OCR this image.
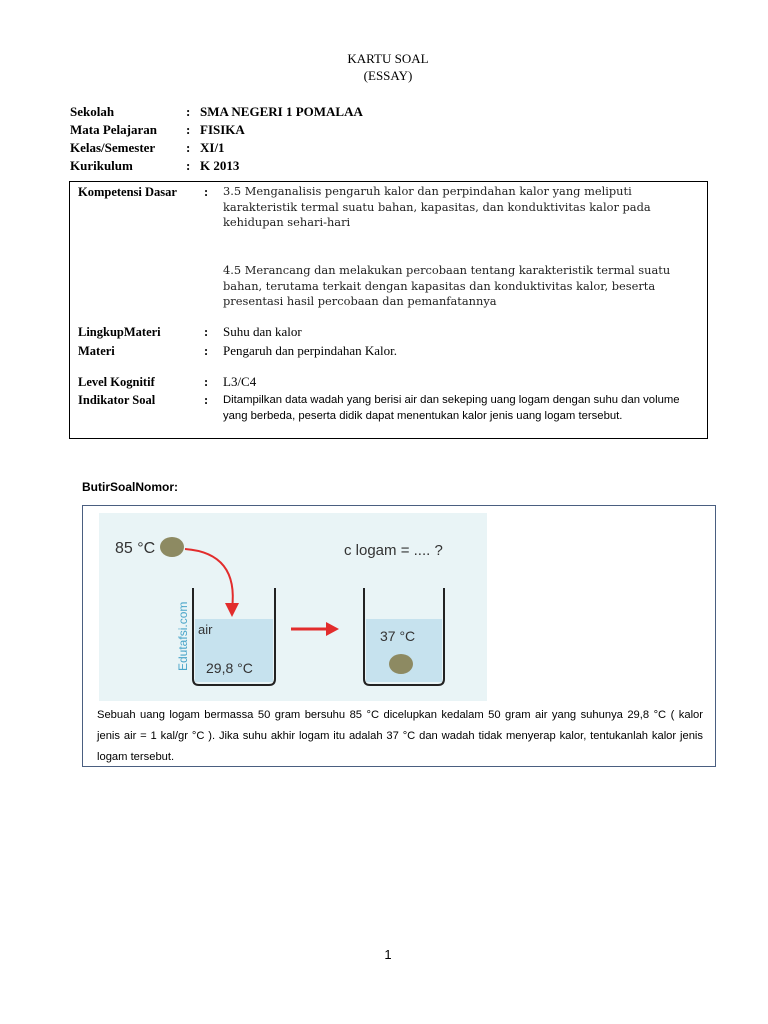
KARTU SOAL
(ESSAY)
Sekolah	: SMA NEGERI 1 POMALAA
Mata Pelajaran	: FISIKA
Kelas/Semester	: XI/1
Kurikulum	: K 2013
Kompetensi Dasar : 3.5 Menganalisis pengaruh kalor dan perpindahan kalor yang meliputi karakteristik termal suatu bahan, kapasitas, dan konduktivitas kalor pada kehidupan sehari-hari
4.5 Merancang dan melakukan percobaan tentang karakteristik termal suatu bahan, terutama terkait dengan kapasitas dan konduktivitas kalor, beserta presentasi hasil percobaan dan pemanfatannya
LingkupMateri	: Suhu dan kalor
Materi	: Pengaruh dan perpindahan Kalor.
Level Kognitif	: L3/C4
Indikator Soal	: Ditampilkan data wadah yang berisi air dan sekeping uang logam dengan suhu dan volume yang berbeda, peserta didik dapat menentukan kalor jenis uang logam tersebut.
ButirSoalNomor:
85 °C
Edutafsi.com air
29,8 °C
c logam = .... ?
37 °C
Sebuah uang logam bermassa 50 gram bersuhu 85 °C dicelupkan kedalam 50 gram air yang suhunya 29,8 °C ( kalor jenis air = 1 kal/gr °C ). Jika suhu akhir logam itu adalah 37 °C dan wadah tidak menyerap kalor, tentukanlah kalor jenis logam tersebut.
1
